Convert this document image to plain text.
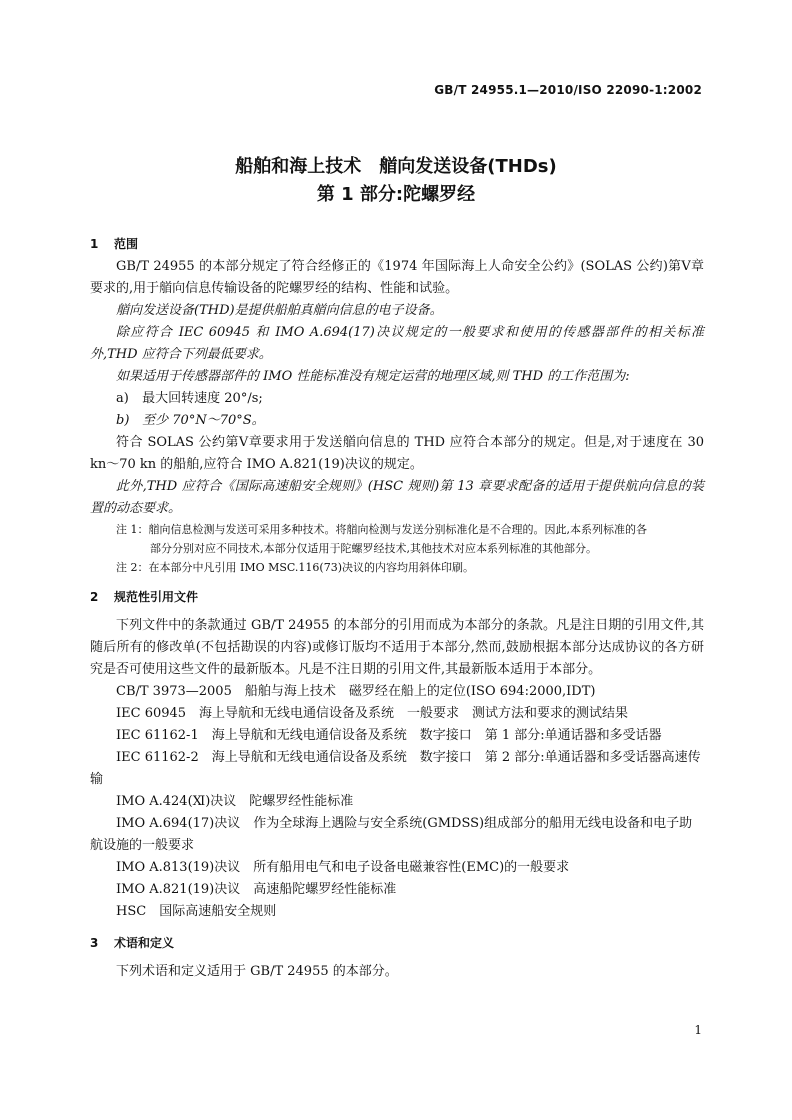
GB/T 24955.1—2010/ISO 22090-1:2002
船舶和海上技术　艏向发送设备(THDs)
第 1 部分:陀螺罗经
1 范围

GB/T 24955 的本部分规定了符合经修正的《1974 年国际海上人命安全公约》(SOLAS 公约)第Ⅴ章要求的,用于艏向信息传输设备的陀螺罗经的结构、性能和试验。

艏向发送设备(THD)是提供船舶真艏向信息的电子设备。

除应符合 IEC 60945 和 IMO A.694(17)决议规定的一般要求和使用的传感器部件的相关标准外,THD 应符合下列最低要求。

如果适用于传感器部件的 IMO 性能标准没有规定运营的地理区域,则 THD 的工作范围为:

a) 最大回转速度 20°/s;

b) 至少 70°N～70°S。

符合 SOLAS 公约第Ⅴ章要求用于发送艏向信息的 THD 应符合本部分的规定。但是,对于速度在 30 kn～70 kn 的船舶,应符合 IMO A.821(19)决议的规定。

此外,THD 应符合《国际高速船安全规则》(HSC 规则)第 13 章要求配备的适用于提供航向信息的装置的动态要求。

注 1：艏向信息检测与发送可采用多种技术。将艏向检测与发送分别标准化是不合理的。因此,本系列标准的各

部分分别对应不同技术,本部分仅适用于陀螺罗经技术,其他技术对应本系列标准的其他部分。

注 2：在本部分中凡引用 IMO MSC.116(73)决议的内容均用斜体印刷。

2 规范性引用文件

下列文件中的条款通过 GB/T 24955 的本部分的引用而成为本部分的条款。凡是注日期的引用文件,其随后所有的修改单(不包括勘误的内容)或修订版均不适用于本部分,然而,鼓励根据本部分达成协议的各方研究是否可使用这些文件的最新版本。凡是不注日期的引用文件,其最新版本适用于本部分。

CB/T 3973—2005　船舶与海上技术　磁罗经在船上的定位(ISO 694:2000,IDT)

IEC 60945　海上导航和无线电通信设备及系统　一般要求　测试方法和要求的测试结果

IEC 61162-1　海上导航和无线电通信设备及系统　数字接口　第 1 部分:单通话器和多受话器

IEC 61162-2　海上导航和无线电通信设备及系统　数字接口　第 2 部分:单通话器和多受话器高速传输

IMO A.424(Ⅺ)决议　陀螺罗经性能标准

IMO A.694(17)决议　作为全球海上遇险与安全系统(GMDSS)组成部分的船用无线电设备和电子助航设施的一般要求

IMO A.813(19)决议　所有船用电气和电子设备电磁兼容性(EMC)的一般要求

IMO A.821(19)决议　高速船陀螺罗经性能标准

HSC　国际高速船安全规则

3 术语和定义

下列术语和定义适用于 GB/T 24955 的本部分。

1
